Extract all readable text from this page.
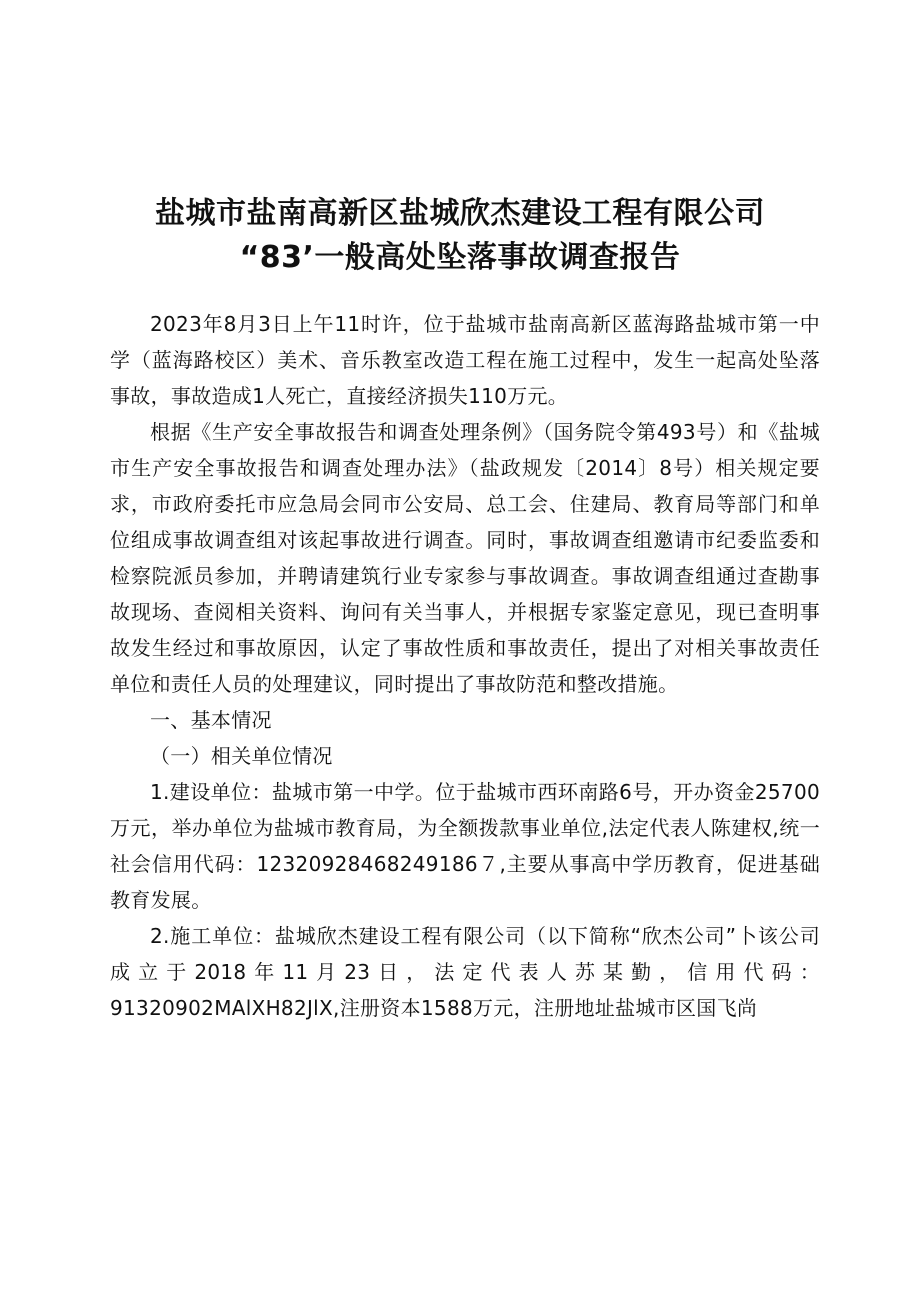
盐城市盐南高新区盐城欣杰建设工程有限公司
“83’一般高处坠落事故调查报告

2023年8月3日上午11时许，位于盐城市盐南高新区蓝海路盐城市第一中学（蓝海路校区）美术、音乐教室改造工程在施工过程中，发生一起高处坠落事故，事故造成1人死亡，直接经济损失110万元。

根据《生产安全事故报告和调查处理条例》（国务院令第493号）和《盐城市生产安全事故报告和调查处理办法》（盐政规发〔2014〕8号）相关规定要求，市政府委托市应急局会同市公安局、总工会、住建局、教育局等部门和单位组成事故调查组对该起事故进行调查。同时，事故调查组邀请市纪委监委和检察院派员参加，并聘请建筑行业专家参与事故调查。事故调查组通过查勘事故现场、查阅相关资料、询问有关当事人，并根据专家鉴定意见，现已查明事故发生经过和事故原因，认定了事故性质和事故责任，提出了对相关事故责任单位和责任人员的处理建议，同时提出了事故防范和整改措施。

一、基本情况

（一）相关单位情况

1.建设单位：盐城市第一中学。位于盐城市西环南路6号，开办资金25700万元，举办单位为盐城市教育局，为全额拨款事业单位,法定代表人陈建权,统一社会信用代码：12320928468249186７,主要从事高中学历教育，促进基础教育发展。

2.施工单位：盐城欣杰建设工程有限公司（以下简称“欣杰公司”卜该公司成立于2018年11月23日，法定代表人苏某勤，信用代码：91320902MAlXH82JlX,注册资本1588万元，注册地址盐城市区国飞尚
